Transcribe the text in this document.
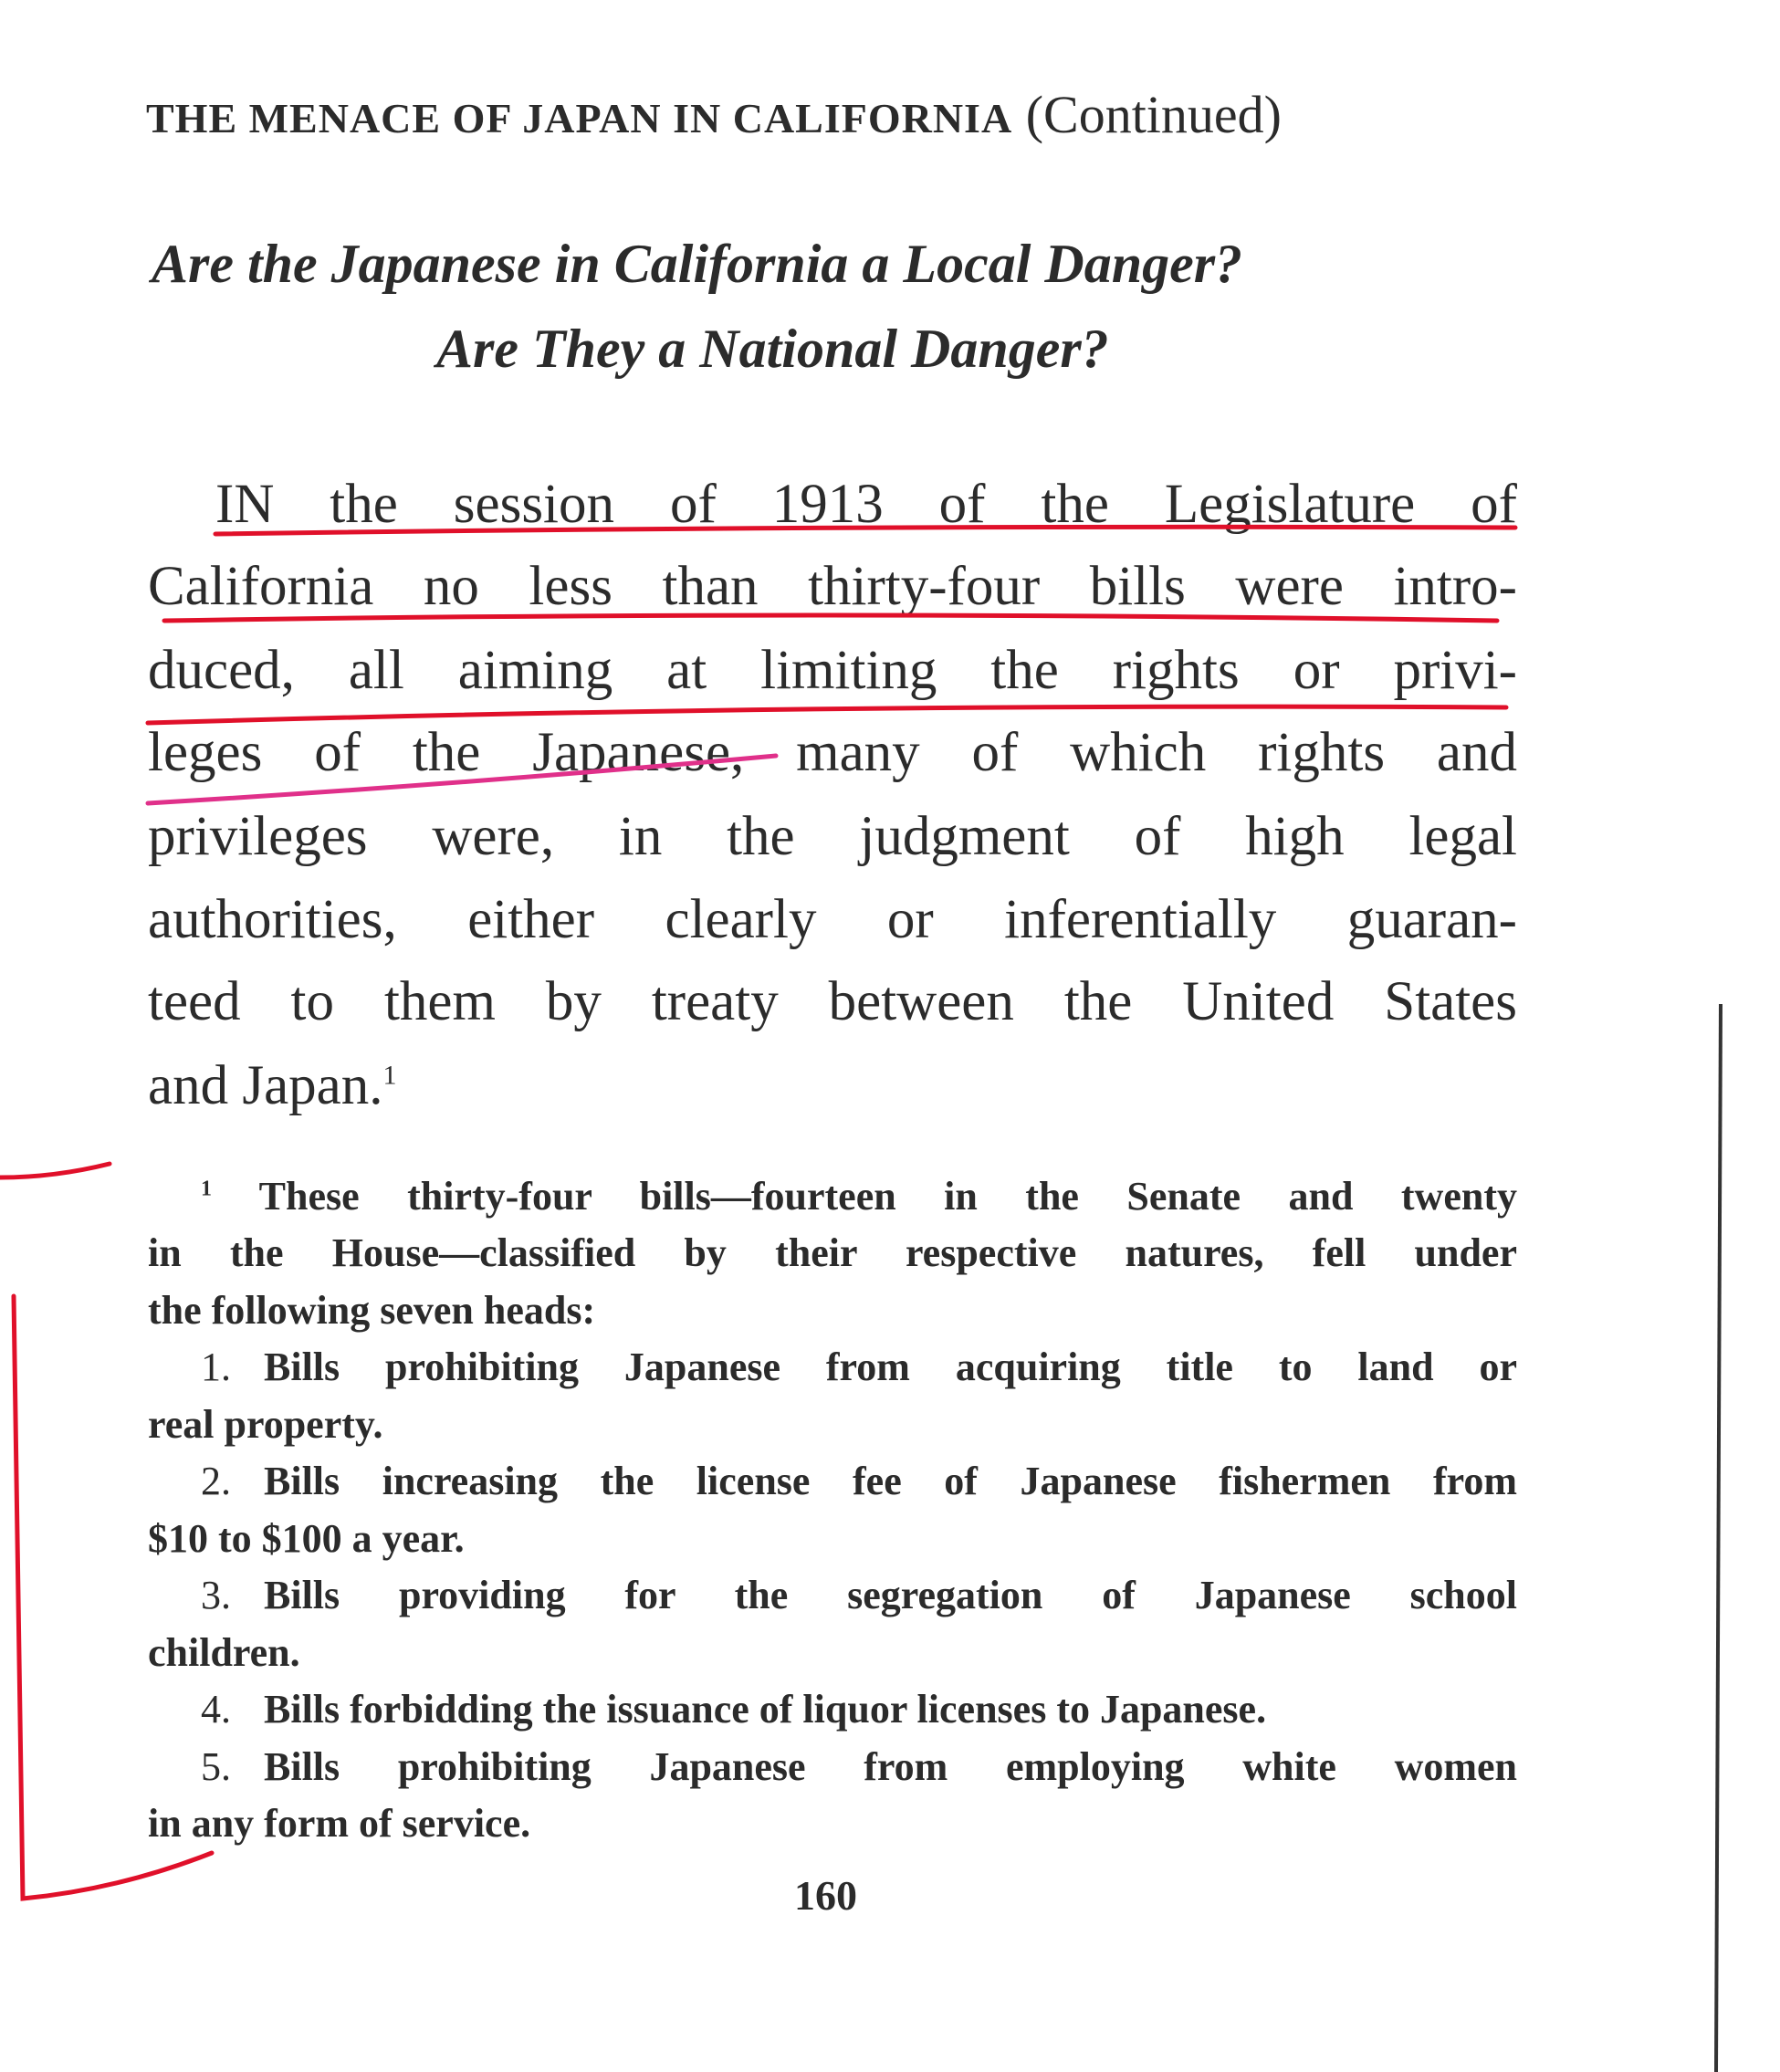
THE MENACE OF JAPAN IN CALIFORNIA (Continued)
Are the Japanese in California a Local Danger?
Are They a National Danger?
IN the session of 1913 of the Legislature of
California no less than thirty-four bills were intro-
duced, all aiming at limiting the rights or privi-
leges of the Japanese, many of which rights and
privileges were, in the judgment of high legal
authorities, either clearly or inferentially guaran-
teed to them by treaty between the United States
and Japan.$^1$
$^1$ These thirty-four bills—fourteen in the Senate and twenty
in the House—classified by their respective natures, fell under
the following seven heads:
1. Bills prohibiting Japanese from acquiring title to land or
real property.
2. Bills increasing the license fee of Japanese fishermen from
$10 to $100 a year.
3. Bills providing for the segregation of Japanese school
children.
4. Bills forbidding the issuance of liquor licenses to Japanese.
5. Bills prohibiting Japanese from employing white women
in any form of service.
160
